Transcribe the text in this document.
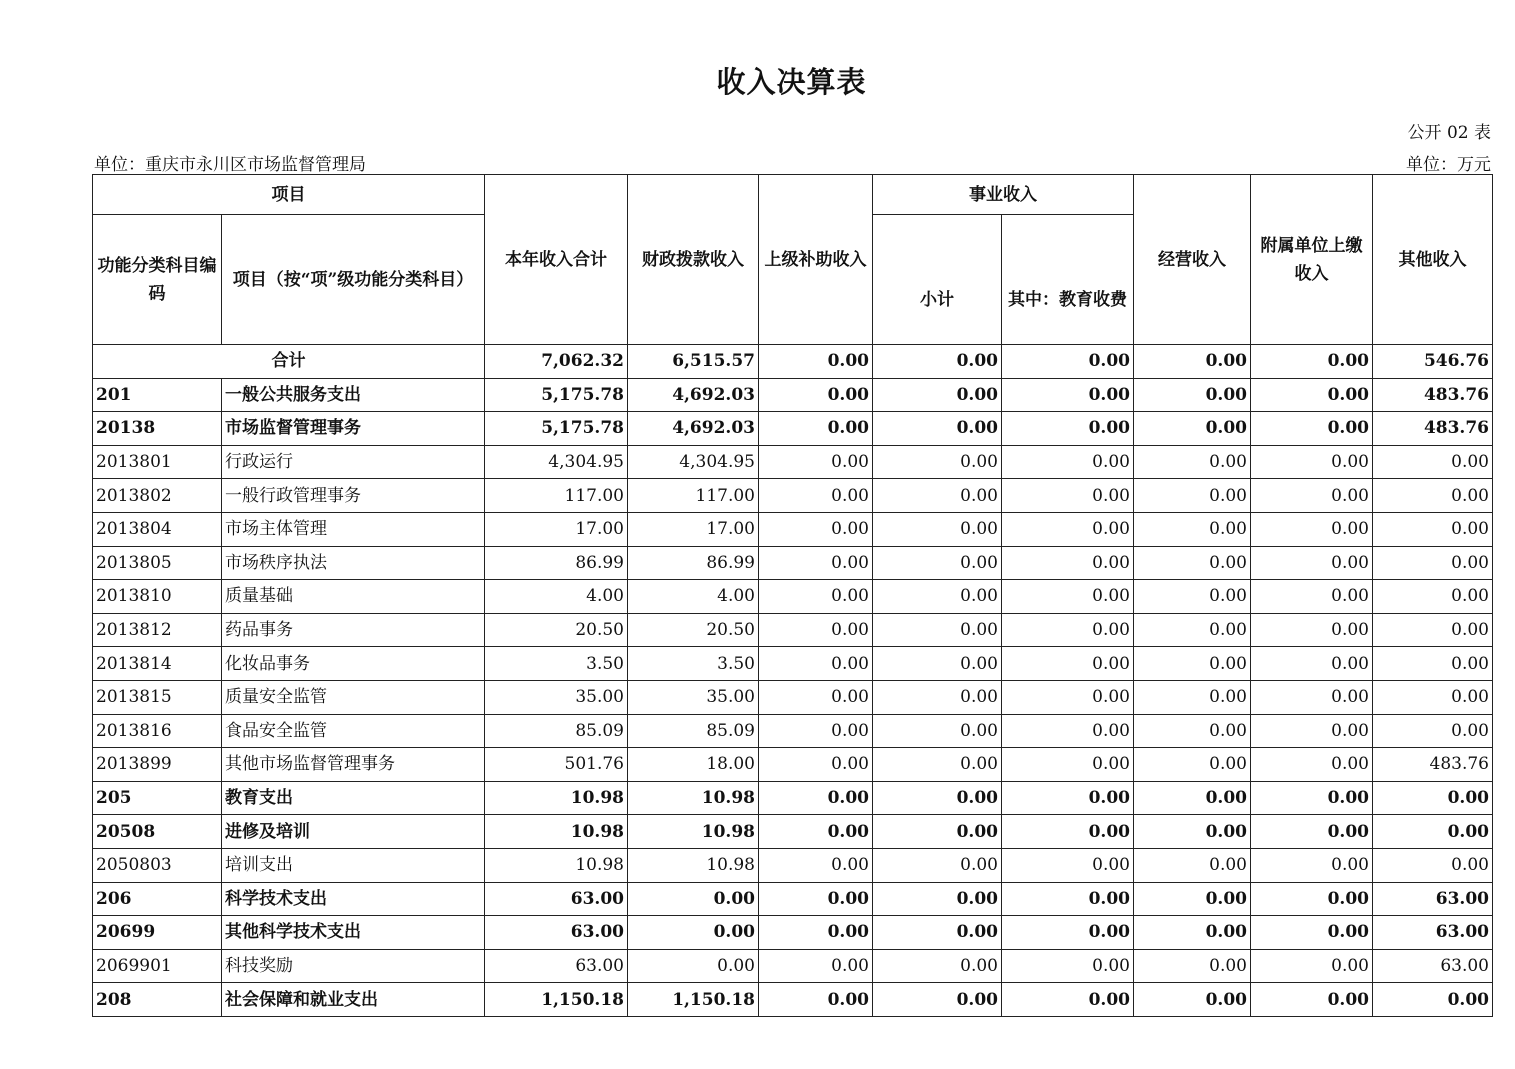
收入决算表
公开 02 表
单位：重庆市永川区市场监督管理局	单位：万元
项目		本年收入合计	财政拨款收入	上级补助收入	事业收入		经营收入	附属单位上缴收入	其他收入
功能分类科目编码	项目（按“项”级功能分类科目）				小计	其中：教育收费			
合计		7,062.32	6,515.57	0.00	0.00	0.00	0.00	0.00	546.76
201	一般公共服务支出	5,175.78	4,692.03	0.00	0.00	0.00	0.00	0.00	483.76
20138	市场监督管理事务	5,175.78	4,692.03	0.00	0.00	0.00	0.00	0.00	483.76
2013801	行政运行	4,304.95	4,304.95	0.00	0.00	0.00	0.00	0.00	0.00
2013802	一般行政管理事务	117.00	117.00	0.00	0.00	0.00	0.00	0.00	0.00
2013804	市场主体管理	17.00	17.00	0.00	0.00	0.00	0.00	0.00	0.00
2013805	市场秩序执法	86.99	86.99	0.00	0.00	0.00	0.00	0.00	0.00
2013810	质量基础	4.00	4.00	0.00	0.00	0.00	0.00	0.00	0.00
2013812	药品事务	20.50	20.50	0.00	0.00	0.00	0.00	0.00	0.00
2013814	化妆品事务	3.50	3.50	0.00	0.00	0.00	0.00	0.00	0.00
2013815	质量安全监管	35.00	35.00	0.00	0.00	0.00	0.00	0.00	0.00
2013816	食品安全监管	85.09	85.09	0.00	0.00	0.00	0.00	0.00	0.00
2013899	其他市场监督管理事务	501.76	18.00	0.00	0.00	0.00	0.00	0.00	483.76
205	教育支出	10.98	10.98	0.00	0.00	0.00	0.00	0.00	0.00
20508	进修及培训	10.98	10.98	0.00	0.00	0.00	0.00	0.00	0.00
2050803	培训支出	10.98	10.98	0.00	0.00	0.00	0.00	0.00	0.00
206	科学技术支出	63.00	0.00	0.00	0.00	0.00	0.00	0.00	63.00
20699	其他科学技术支出	63.00	0.00	0.00	0.00	0.00	0.00	0.00	63.00
2069901	科技奖励	63.00	0.00	0.00	0.00	0.00	0.00	0.00	63.00
208	社会保障和就业支出	1,150.18	1,150.18	0.00	0.00	0.00	0.00	0.00	0.00
